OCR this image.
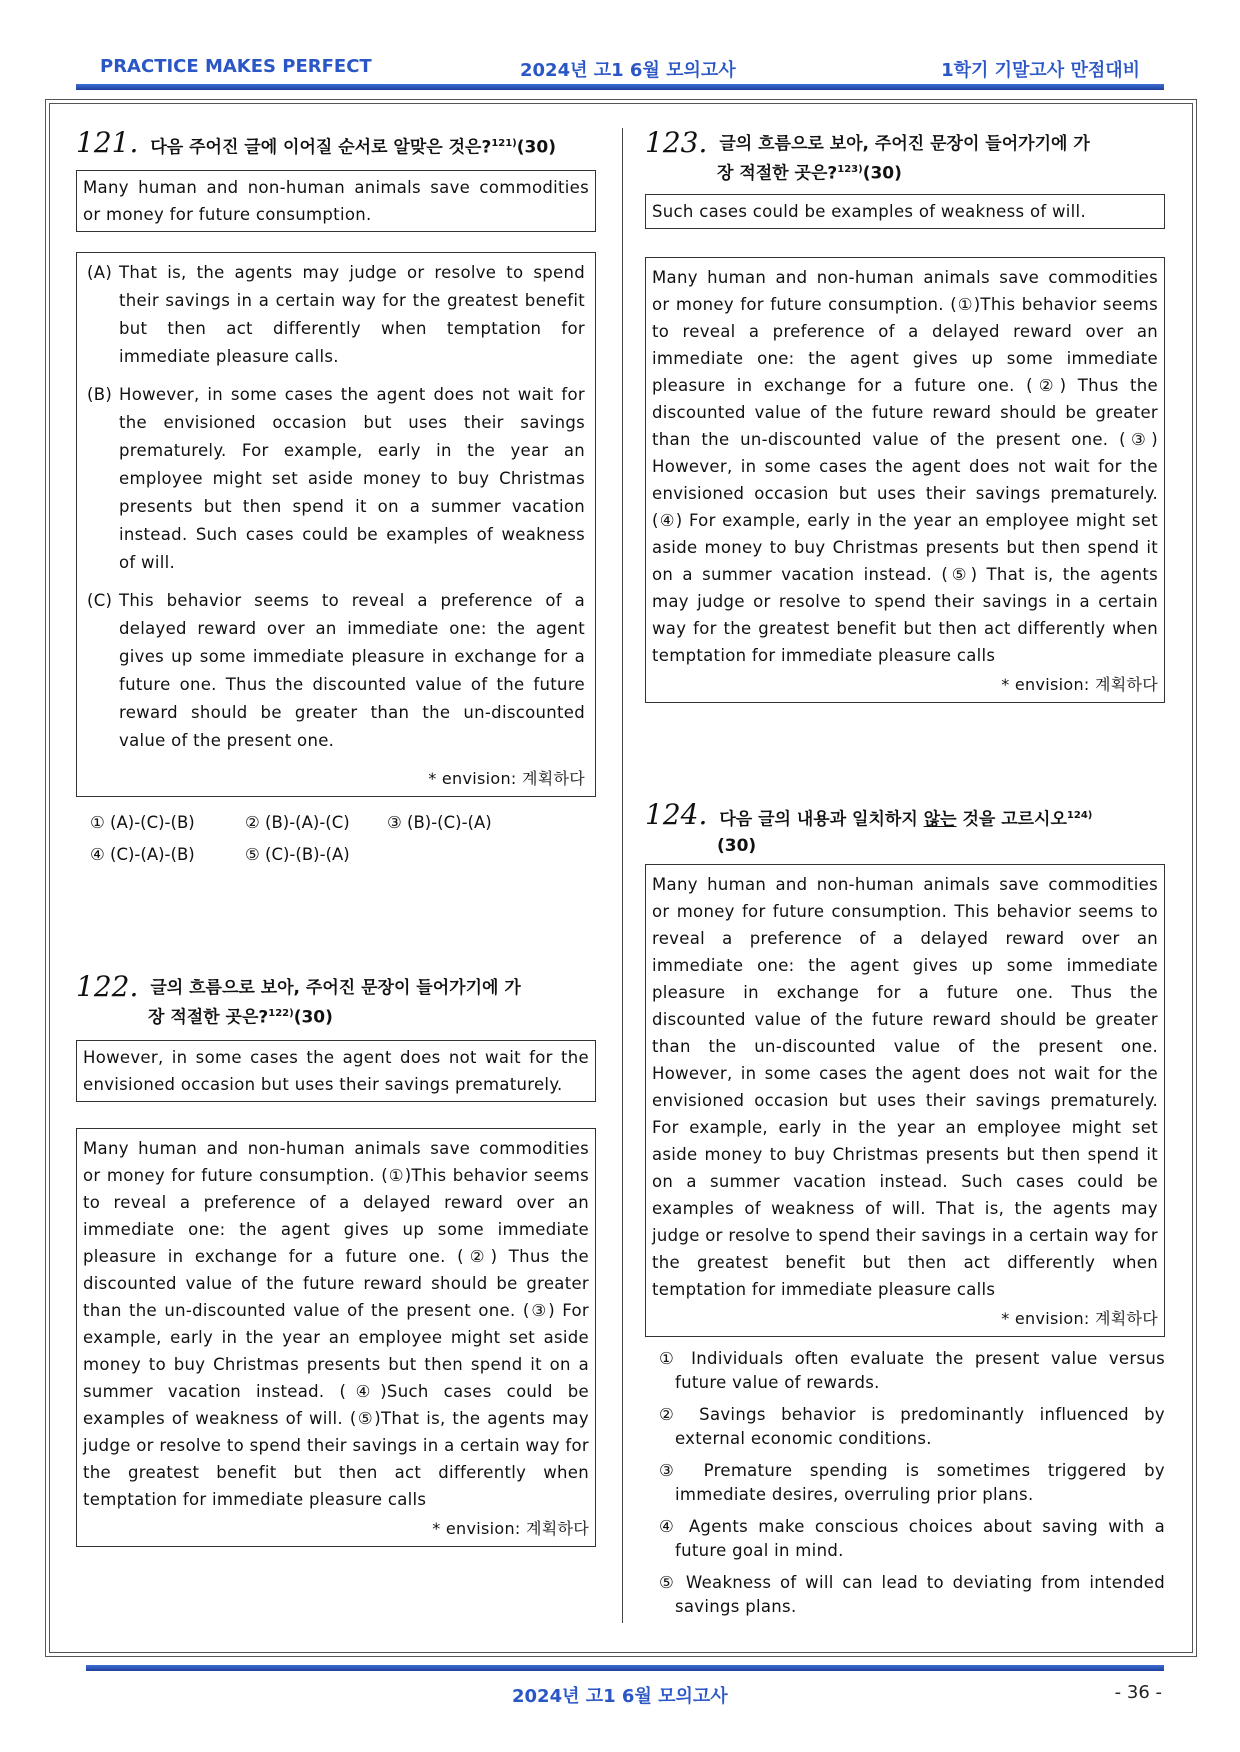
PRACTICE MAKES PERFECT	2024년 고1 6월 모의고사	1학기 기말고사 만점대비
121. 다음 주어진 글에 이어질 순서로 알맞은 것은?$^{121)}$(30)
Many human and non-human animals save commodities or money for future consumption.
(A) That is, the agents may judge or resolve to spend their savings in a certain way for the greatest benefit but then act differently when temptation for immediate pleasure calls.
(B) However, in some cases the agent does not wait for the envisioned occasion but uses their savings prematurely. For example, early in the year an employee might set aside money to buy Christmas presents but then spend it on a summer vacation instead. Such cases could be examples of weakness of will.
(C) This behavior seems to reveal a preference of a delayed reward over an immediate one: the agent gives up some immediate pleasure in exchange for a future one. Thus the discounted value of the future reward should be greater than the un-discounted value of the present one.
* envision: 계획하다
① (A)-(C)-(B)	② (B)-(A)-(C)	③ (B)-(C)-(A)
④ (C)-(A)-(B)	⑤ (C)-(B)-(A)
122. 글의 흐름으로 보아, 주어진 문장이 들어가기에 가
장 적절한 곳은?$^{122)}$(30)
However, in some cases the agent does not wait for the envisioned occasion but uses their savings prematurely.
Many human and non-human animals save commodities or money for future consumption. (①)This behavior seems to reveal a preference of a delayed reward over an immediate one: the agent gives up some immediate pleasure in exchange for a future one. (②) Thus the discounted value of the future reward should be greater than the un-discounted value of the present one. (③) For example, early in the year an employee might set aside money to buy Christmas presents but then spend it on a summer vacation instead. (④)Such cases could be examples of weakness of will. (⑤)That is, the agents may judge or resolve to spend their savings in a certain way for the greatest benefit but then act differently when temptation for immediate pleasure calls
* envision: 계획하다
123. 글의 흐름으로 보아, 주어진 문장이 들어가기에 가
장 적절한 곳은?$^{123)}$(30)
Such cases could be examples of weakness of will.
Many human and non-human animals save commodities or money for future consumption. (①)This behavior seems to reveal a preference of a delayed reward over an immediate one: the agent gives up some immediate pleasure in exchange for a future one. (②) Thus the discounted value of the future reward should be greater than the un-discounted value of the present one. (③) However, in some cases the agent does not wait for the envisioned occasion but uses their savings prematurely. (④) For example, early in the year an employee might set aside money to buy Christmas presents but then spend it on a summer vacation instead. (⑤) That is, the agents may judge or resolve to spend their savings in a certain way for the greatest benefit but then act differently when temptation for immediate pleasure calls
* envision: 계획하다
124. 다음 글의 내용과 일치하지 않는 것을 고르시오$^{124)}$
(30)
Many human and non-human animals save commodities or money for future consumption. This behavior seems to reveal a preference of a delayed reward over an immediate one: the agent gives up some immediate pleasure in exchange for a future one. Thus the discounted value of the future reward should be greater than the un-discounted value of the present one. However, in some cases the agent does not wait for the envisioned occasion but uses their savings prematurely. For example, early in the year an employee might set aside money to buy Christmas presents but then spend it on a summer vacation instead. Such cases could be examples of weakness of will. That is, the agents may judge or resolve to spend their savings in a certain way for the greatest benefit but then act differently when temptation for immediate pleasure calls
* envision: 계획하다
① Individuals often evaluate the present value versus future value of rewards.
② Savings behavior is predominantly influenced by external economic conditions.
③ Premature spending is sometimes triggered by immediate desires, overruling prior plans.
④ Agents make conscious choices about saving with a future goal in mind.
⑤ Weakness of will can lead to deviating from intended savings plans.
2024년 고1 6월 모의고사	- 36 -
